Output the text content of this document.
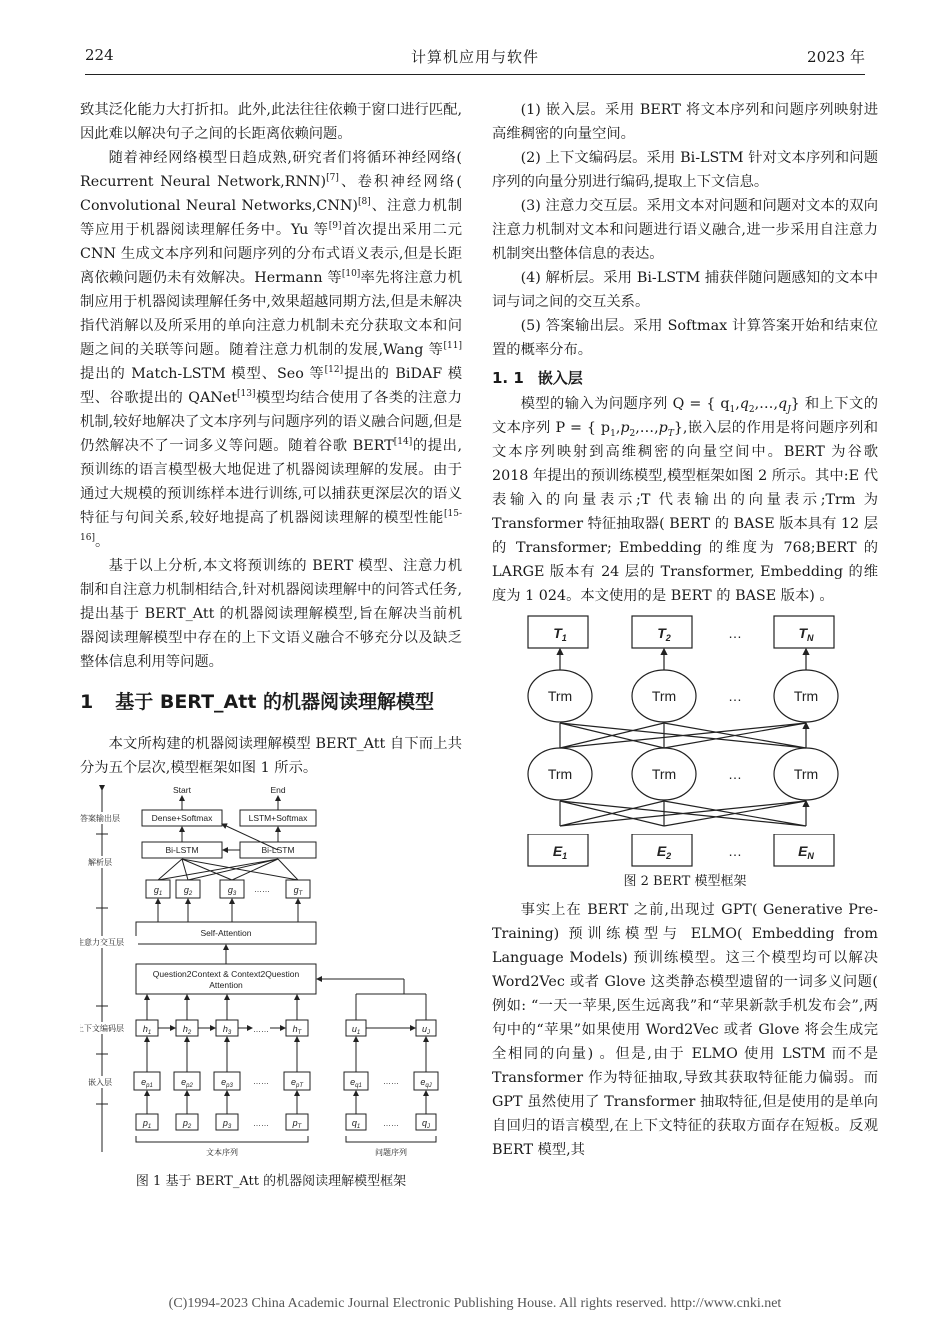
224	计算机应用与软件	2023 年

致其泛化能力大打折扣。此外,此法往往依赖于窗口进行匹配,因此难以解决句子之间的长距离依赖问题。

随着神经网络模型日趋成熟,研究者们将循环神经网络( Recurrent Neural Network,RNN)[7]、卷积神经网络( Convolutional Neural Networks,CNN)[8]、注意力机制等应用于机器阅读理解任务中。Yu 等[9]首次提出采用二元 CNN 生成文本序列和问题序列的分布式语义表示,但是长距离依赖问题仍未有效解决。Hermann 等[10]率先将注意力机制应用于机器阅读理解任务中,效果超越同期方法,但是未解决指代消解以及所采用的单向注意力机制未充分获取文本和问题之间的关联等问题。随着注意力机制的发展,Wang 等[11]提出的 Match-LSTM 模型、Seo 等[12]提出的 BiDAF 模型、谷歌提出的 QANet[13]模型均结合使用了各类的注意力机制,较好地解决了文本序列与问题序列的语义融合问题,但是仍然解决不了一词多义等问题。随着谷歌 BERT[14]的提出,预训练的语言模型极大地促进了机器阅读理解的发展。由于通过大规模的预训练样本进行训练,可以捕获更深层次的语义特征与句间关系,较好地提高了机器阅读理解的模型性能[15-16]。

基于以上分析,本文将预训练的 BERT 模型、注意力机制和自注意力机制相结合,针对机器阅读理解中的问答式任务,提出基于 BERT_Att 的机器阅读理解模型,旨在解决当前机器阅读理解模型中存在的上下文语义融合不够充分以及缺乏整体信息利用等问题。

1 基于 BERT_Att 的机器阅读理解模型

本文所构建的机器阅读理解模型 BERT_Att 自下而上共分为五个层次,模型框架如图 1 所示。

Start	End
Dense+Softmax	LSTM+Softmax
Bi-LSTM	Bi-LSTM
Self-Attention
Question2Context & Context2Question
Attention
$g_1$ $g_2$	$g_3$	$g_T$
$h_1$	$h_2$	$h_3$	$h_T$	$u_1$	$u_J$
$e_{p1}$	$e_{p2}$	$e_{p3}$	$e_{pT}$	$e_{q1}$	$e_{qJ}$
$p_1$	$p_2$	$p_3$	$p_T$	$q_1$	$q_J$
……
……
……	……
……	……
答案输出层
解析层
注意力交互层
上下文编码层
嵌入层
文本序列	问题序列
图 1 基于 BERT_Att 的机器阅读理解模型框架

(1) 嵌入层。采用 BERT 将文本序列和问题序列映射进高维稠密的向量空间。

(2) 上下文编码层。采用 Bi-LSTM 针对文本序列和问题序列的向量分别进行编码,提取上下文信息。

(3) 注意力交互层。采用文本对问题和问题对文本的双向注意力机制对文本和问题进行语义融合,进一步采用自注意力机制突出整体信息的表达。

(4) 解析层。采用 Bi-LSTM 捕获伴随问题感知的文本中词与词之间的交互关系。

(5) 答案输出层。采用 Softmax 计算答案开始和结束位置的概率分布。

1. 1 嵌入层

模型的输入为问题序列 Q = { $q_1,q_2,\dots,q_J$} 和上下文的文本序列 P = { $p_1,p_2,\dots,p_T$},嵌入层的作用是将问题序列和文本序列映射到高维稠密的向量空间中。BERT 为谷歌 2018 年提出的预训练模型,模型框架如图 2 所示。其中:E 代表输入的向量表示;T 代表输出的向量表示;Trm 为 Transformer 特征抽取器( BERT 的 BASE 版本具有 12 层的 Transformer; Embedding 的维度为 768;BERT 的 LARGE 版本有 24 层的 Transformer, Embedding 的维度为 1 024。本文使用的是 BERT 的 BASE 版本) 。

$T_1$	$T_2$	$T_N$
…
Trm	Trm	Trm
…
Trm	Trm	Trm
…
$E_1$	$E_2$	$E_N$
…
图 2 BERT 模型框架

事实上在 BERT 之前,出现过 GPT( Generative Pre-Training) 预训练模型与 ELMO( Embedding from Language Models) 预训练模型。这三个模型均可以解决 Word2Vec 或者 Glove 这类静态模型遗留的一词多义问题( 例如: “一天一苹果,医生远离我”和“苹果新款手机发布会”,两句中的“苹果”如果使用 Word2Vec 或者 Glove 将会生成完全相同的向量) 。但是,由于 ELMO 使用 LSTM 而不是 Transformer 作为特征抽取,导致其获取特征能力偏弱。而 GPT 虽然使用了 Transformer 抽取特征,但是使用的是单向自回归的语言模型,在上下文特征的获取方面存在短板。反观 BERT 模型,其

(C)1994-2023 China Academic Journal Electronic Publishing House. All rights reserved. http://www.cnki.net
